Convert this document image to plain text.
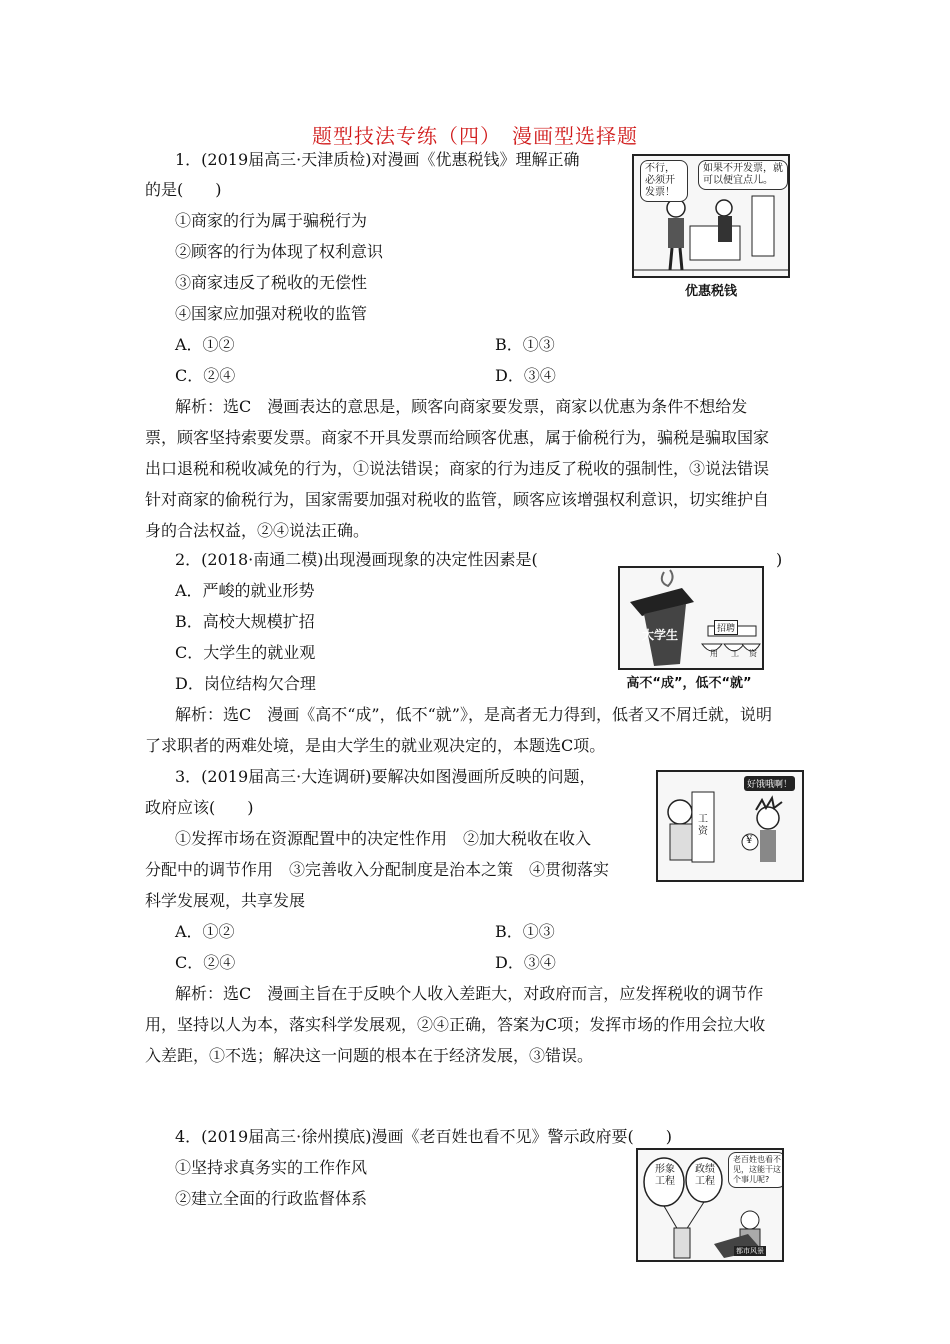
题型技法专练（四）　漫画型选择题
1．(2019届高三·天津质检)对漫画《优惠税钱》理解正确
的是(　　)
①商家的行为属于骗税行为
②顾客的行为体现了权利意识
③商家违反了税收的无偿性
④国家应加强对税收的监管
A．①②	B．①③
C．②④	D．③④
解析：选C　漫画表达的意思是，顾客向商家要发票，商家以优惠为条件不想给发
票，顾客坚持索要发票。商家不开具发票而给顾客优惠，属于偷税行为，骗税是骗取国家
出口退税和税收减免的行为，①说法错误；商家的行为违反了税收的强制性，③说法错误
针对商家的偷税行为，国家需要加强对税收的监管，顾客应该增强权利意识，切实维护自
身的合法权益，②④说法正确。
不行，必须开发票！
如果不开发票，就可以便宜点儿。
优惠税钱
2．(2018·南通二模)出现漫画现象的决定性因素是(	)
A．严峻的就业形势
B．高校大规模扩招
C．大学生的就业观
D．岗位结构欠合理
解析：选C　漫画《高不“成”，低不“就”》，是高者无力得到，低者又不屑迁就，说明
了求职者的两难处境，是由大学生的就业观决定的，本题选C项。
大学生	招聘
用 工 资
高不“成”，低不“就”
3．(2019届高三·大连调研)要解决如图漫画所反映的问题，
政府应该(　　)
①发挥市场在资源配置中的决定性作用　②加大税收在收入
分配中的调节作用　③完善收入分配制度是治本之策　④贯彻落实
科学发展观，共享发展
A．①②	B．①③
C．②④	D．③④
解析：选C　漫画主旨在于反映个人收入差距大，对政府而言，应发挥税收的调节作
用，坚持以人为本，落实科学发展观，②④正确，答案为C项；发挥市场的作用会拉大收
入差距，①不选；解决这一问题的根本在于经济发展，③错误。
好饿哦啊！
工资
¥
4．(2019届高三·徐州摸底)漫画《老百姓也看不见》警示政府要(　　)
①坚持求真务实的工作作风
②建立全面的行政监督体系
形象工程
政绩工程
老百姓也看不见，这能干这个事儿呢?
都市风景
